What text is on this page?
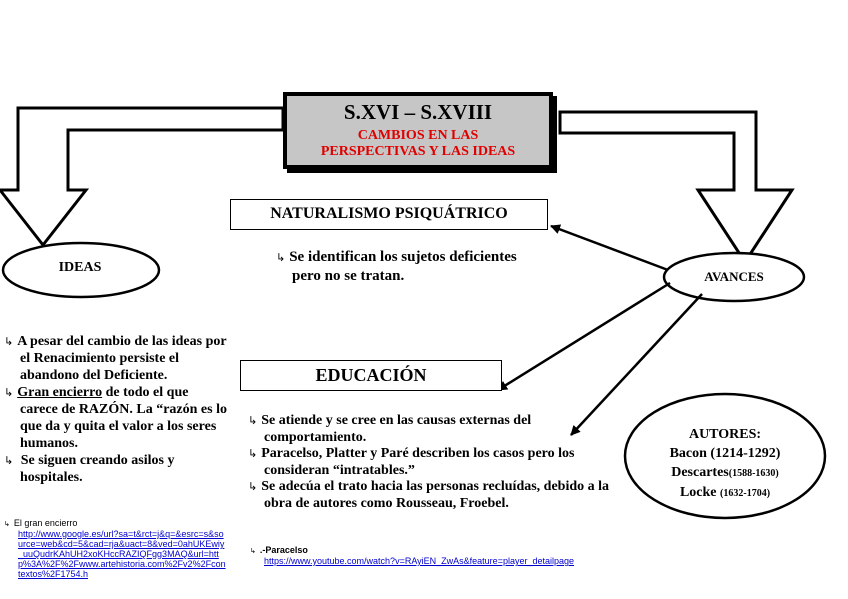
S.XVI – S.XVIII
CAMBIOS EN LAS
PERSPECTIVAS Y LAS IDEAS
IDEAS
AVANCES
NATURALISMO PSIQUÁTRICO
↳ Se identifican los sujetos deficientes pero no se tratan.
EDUCACIÓN
↳ Se atiende y se cree en las causas externas del comportamiento.
↳ Paracelso, Platter y Paré describen los casos pero los consideran “intratables.”
↳ Se adecúa el trato hacia las personas recluídas, debido a la obra de autores como Rousseau, Froebel.
↳ .-Paracelso
https://www.youtube.com/watch?v=RAyiEN_ZwAs&feature=player_detailpage
↳ A pesar del cambio de las ideas por el Renacimiento persiste el abandono del Deficiente.
↳ Gran encierro de todo el que carece de RAZÓN. La “razón es lo que da y quita el valor a los seres humanos.
↳ Se siguen creando asilos y hospitales.
↳ El gran encierro
http://www.google.es/url?sa=t&rct=j&q=&esrc=s&source=web&cd=5&cad=rja&uact=8&ved=0ahUKEwiy_uuQudrKAhUH2xoKHccRAZIQFgg3MAQ&url=http%3A%2F%2Fwww.artehistoria.com%2Fv2%2Fcontextos%2F1754.h
AUTORES:
Bacon (1214-1292)
Descartes(1588-1630)
Locke (1632-1704)
